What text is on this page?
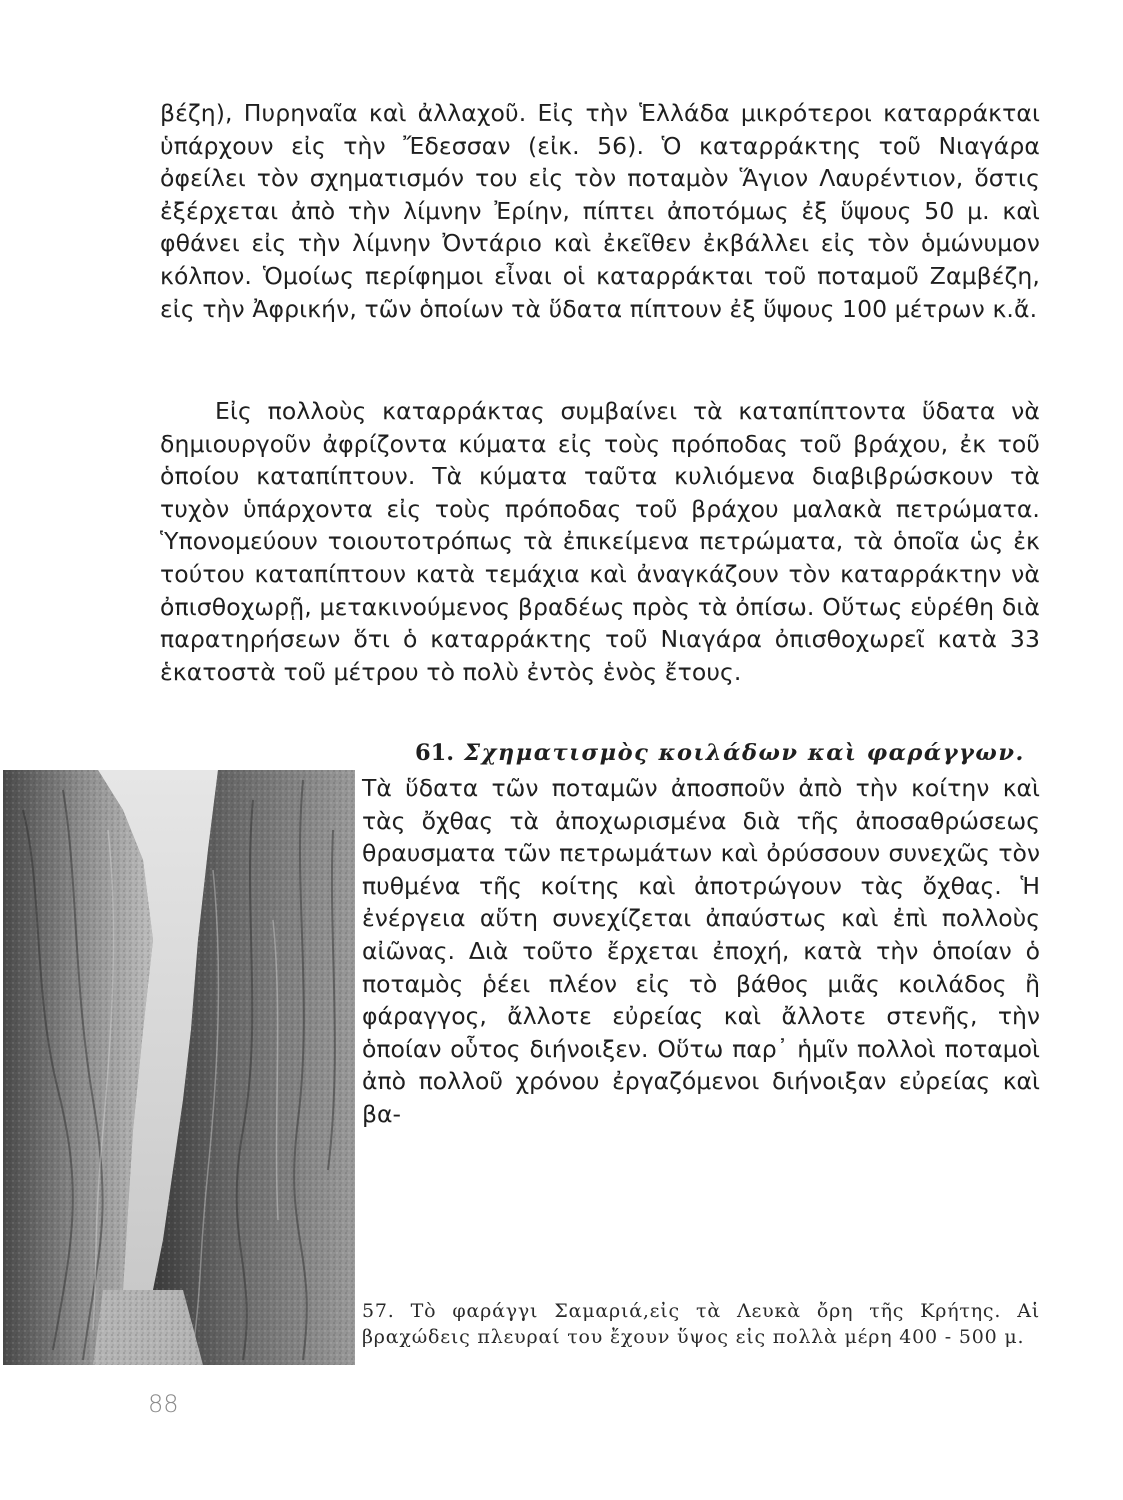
βέζη), Πυρηναῖα καὶ ἀλλαχοῦ. Εἰς τὴν Ἑλλάδα μικρότεροι καταρράκται ὑπάρχουν εἰς τὴν Ἔδεσσαν (εἰκ. 56). Ὁ καταρράκτης τοῦ Νιαγάρα ὀφείλει τὸν σχηματισμόν του εἰς τὸν ποταμὸν Ἅγιον Λαυρέντιον, ὅστις ἐξέρχεται ἀπὸ τὴν λίμνην Ἐρίην, πίπτει ἀποτόμως ἐξ ὕψους 50 μ. καὶ φθάνει εἰς τὴν λίμνην Ὀντάριο καὶ ἐκεῖθεν ἐκβάλλει εἰς τὸν ὁμώνυμον κόλπον. Ὁμοίως περίφημοι εἶναι οἱ καταρράκται τοῦ ποταμοῦ Ζαμβέζη, εἰς τὴν Ἀφρικήν, τῶν ὁποίων τὰ ὕδατα πίπτουν ἐξ ὕψους 100 μέτρων κ.ἄ.

Εἰς πολλοὺς καταρράκτας συμβαίνει τὰ καταπίπτοντα ὕδατα νὰ δημιουργοῦν ἀφρίζοντα κύματα εἰς τοὺς πρόποδας τοῦ βράχου, ἐκ τοῦ ὁποίου καταπίπτουν. Τὰ κύματα ταῦτα κυλιόμενα διαβιβρώσκουν τὰ τυχὸν ὑπάρχοντα εἰς τοὺς πρόποδας τοῦ βράχου μαλακὰ πετρώματα. Ὑπονομεύουν τοιουτοτρόπως τὰ ἐπικείμενα πετρώματα, τὰ ὁποῖα ὡς ἐκ τούτου καταπίπτουν κατὰ τεμάχια καὶ ἀναγκάζουν τὸν καταρράκτην νὰ ὀπισθοχωρῇ, μετακινούμενος βραδέως πρὸς τὰ ὀπίσω. Οὕτως εὑρέθη διὰ παρατηρήσεων ὅτι ὁ καταρράκτης τοῦ Νιαγάρα ὀπισθοχωρεῖ κατὰ 33 ἑκατοστὰ τοῦ μέτρου τὸ πολὺ ἐντὸς ἑνὸς ἔτους.

61. Σχηματισμὸς κοιλάδων καὶ φαράγγων.

Τὰ ὕδατα τῶν ποταμῶν ἀποσποῦν ἀπὸ τὴν κοίτην καὶ τὰς ὄχθας τὰ ἀποχωρισμένα διὰ τῆς ἀποσαθρώσεως θραυσματα τῶν πετρωμάτων καὶ ὀρύσσουν συνεχῶς τὸν πυθμένα τῆς κοίτης καὶ ἀποτρώγουν τὰς ὄχθας. Ἡ ἐνέργεια αὕτη συνεχίζεται ἀπαύστως καὶ ἐπὶ πολλοὺς αἰῶνας. Διὰ τοῦτο ἔρχεται ἐποχή, κατὰ τὴν ὁποίαν ὁ ποταμὸς ῥέει πλέον εἰς τὸ βάθος μιᾶς κοιλάδος ἢ φάραγγος, ἄλλοτε εὐρείας καὶ ἄλλοτε στενῆς, τὴν ὁποίαν οὗτος διήνοιξεν. Οὕτω παρ᾽ ἡμῖν πολλοὶ ποταμοὶ ἀπὸ πολλοῦ χρόνου ἐργαζόμενοι διήνοιξαν εὐρείας καὶ βα-

57. Τὸ φαράγγι Σαμαριά,εἰς τὰ Λευκὰ ὄρη τῆς Κρήτης. Αἱ βραχώδεις πλευραί του ἔχουν ὕψος εἰς πολλὰ μέρη 400 - 500 μ.

88
